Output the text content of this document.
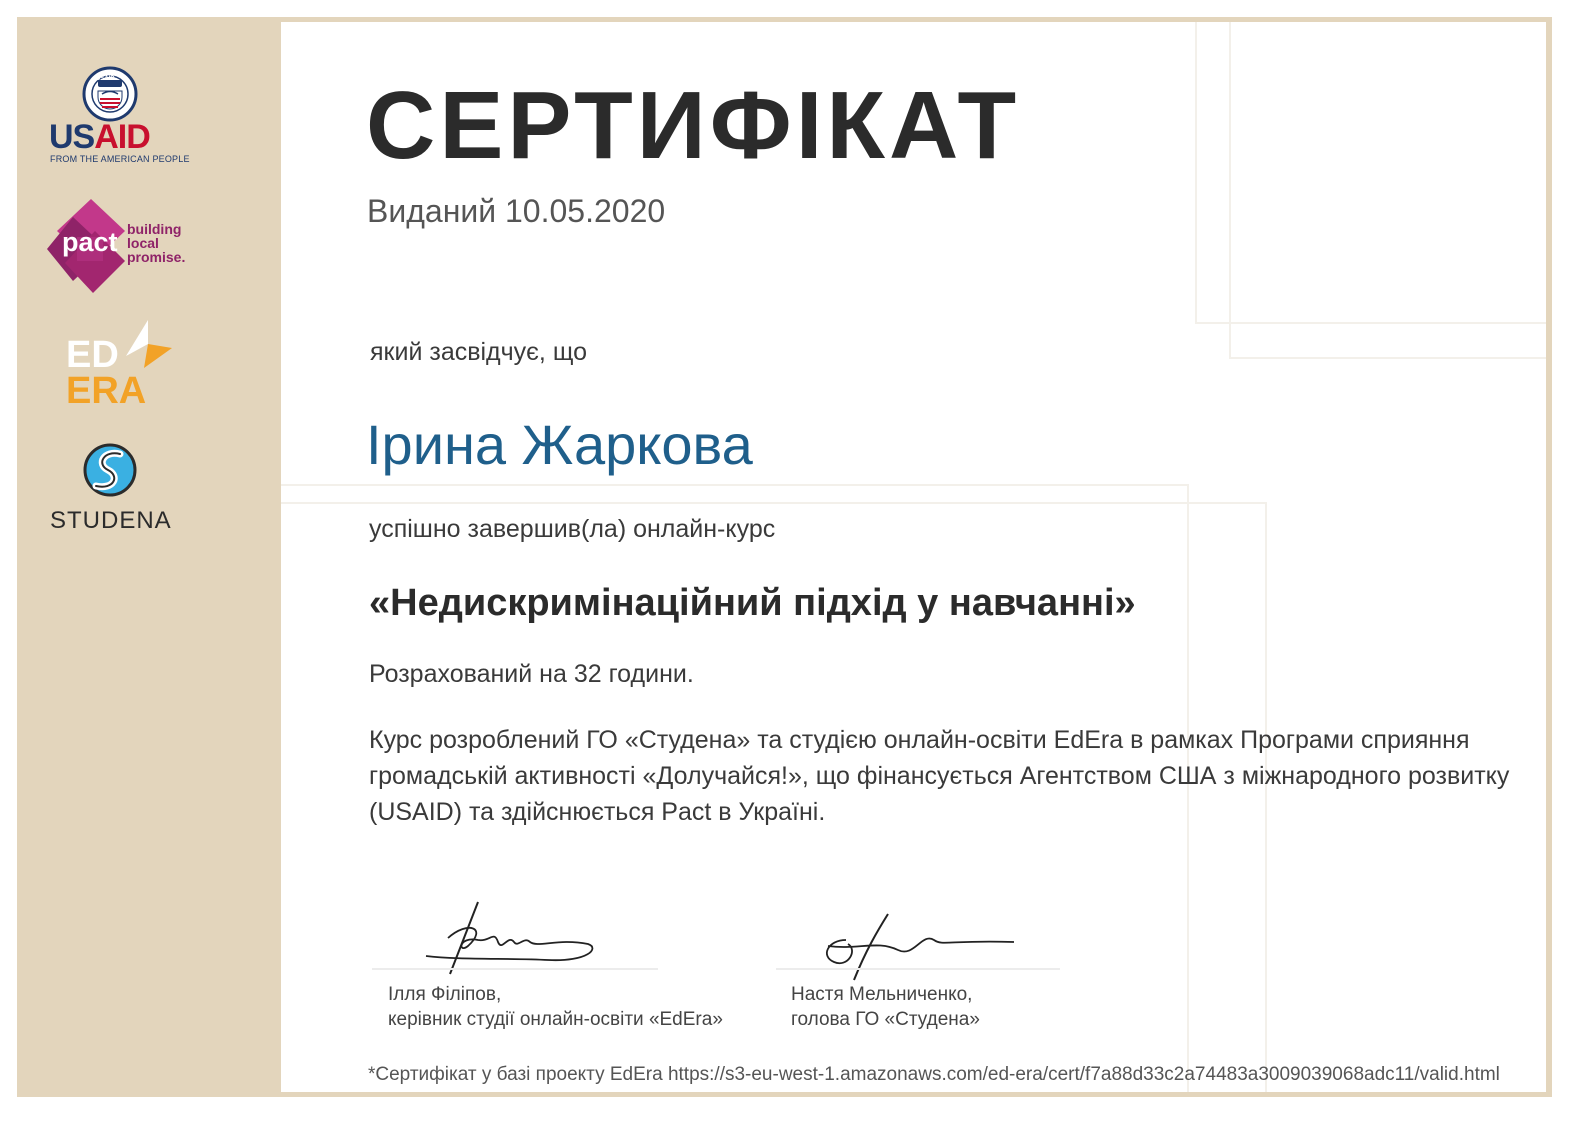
USAID
USAID
FROM THE AMERICAN PEOPLE
pact building
local
promise.
ED
ERA
STUDENA
СЕРТИФІКАТ
Виданий 10.05.2020
який засвідчує, що
Ірина Жаркова
успішно завершив(ла) онлайн-курс
«Недискримінаційний підхід у навчанні»
Розрахований на 32 години.
Курс розроблений ГО «Студена» та студією онлайн-освіти EdEra в рамках Програми сприяння громадській активності «Долучайся!», що фінансується Агентством США з міжнародного розвитку (USAID) та здійснюється Pact в Україні.
Ілля Філіпов,
керівник студії онлайн-освіти «EdEra»
Настя Мельниченко,
голова ГО «Студена»
*Сертифікат у базі проекту EdEra https://s3-eu-west-1.amazonaws.com/ed-era/cert/f7a88d33c2a74483a3009039068adc11/valid.html
